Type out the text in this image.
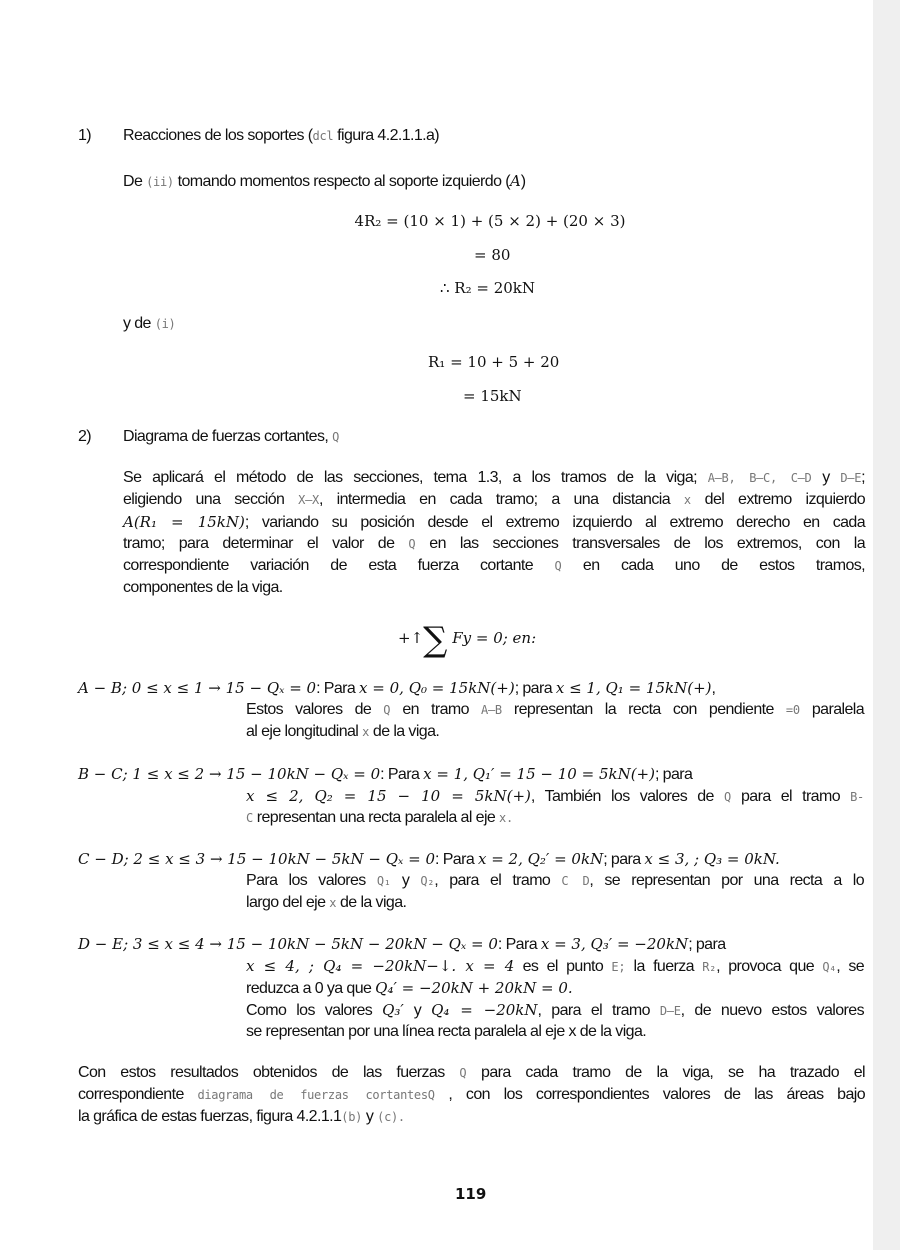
1) Reacciones de los soportes (dcl figura 4.2.1.1.a)
De (ii) tomando momentos respecto al soporte izquierdo (A)
4R₂ = (10 × 1) + (5 × 2) + (20 × 3)
= 80
∴ R₂ = 20kN
y de (i)
R₁ = 10 + 5 + 20
= 15kN
2) Diagrama de fuerzas cortantes, Q
Se aplicará el método de las secciones, tema 1.3, a los tramos de la viga; A–B, B–C, C–D y D–E;
eligiendo una sección X–X, intermedia en cada tramo; a una distancia x del extremo izquierdo
A(R₁ = 15kN); variando su posición desde el extremo izquierdo al extremo derecho en cada
tramo; para determinar el valor de Q en las secciones transversales de los extremos, con la
correspondiente variación de esta fuerza cortante Q en cada uno de estos tramos,
componentes de la viga.
+↑∑ Fy = 0; en:
A − B; 0 ≤ x ≤ 1 → 15 − Qₓ = 0: Para x = 0, Q₀ = 15kN(+); para x ≤ 1, Q₁ = 15kN(+),
Estos valores de Q en tramo A–B representan la recta con pendiente =0 paralela
al eje longitudinal x de la viga.
B − C; 1 ≤ x ≤ 2 → 15 − 10kN − Qₓ = 0: Para x = 1, Q₁′ = 15 − 10 = 5kN(+); para
x ≤ 2, Q₂ = 15 − 10 = 5kN(+), También los valores de Q para el tramo B-
C representan una recta paralela al eje x.
C − D; 2 ≤ x ≤ 3 → 15 − 10kN − 5kN − Qₓ = 0: Para x = 2, Q₂′ = 0kN; para x ≤ 3, ; Q₃ = 0kN.
Para los valores Q₁ y Q₂, para el tramo C D, se representan por una recta a lo
largo del eje x de la viga.
D − E; 3 ≤ x ≤ 4 → 15 − 10kN − 5kN − 20kN − Qₓ = 0: Para x = 3, Q₃′ = −20kN; para
x ≤ 4, ; Q₄ = −20kN−↓. x = 4 es el punto E; la fuerza R₂, provoca que Q₄, se
reduzca a 0 ya que Q₄′ = −20kN + 20kN = 0.
Como los valores Q₃′ y Q₄ = −20kN, para el tramo D–E, de nuevo estos valores
se representan por una línea recta paralela al eje x de la viga.
Con estos resultados obtenidos de las fuerzas Q para cada tramo de la viga, se ha trazado el
correspondiente diagrama de fuerzas cortantesQ , con los correspondientes valores de las áreas bajo
la gráfica de estas fuerzas, figura 4.2.1.1(b) y (c).
119
